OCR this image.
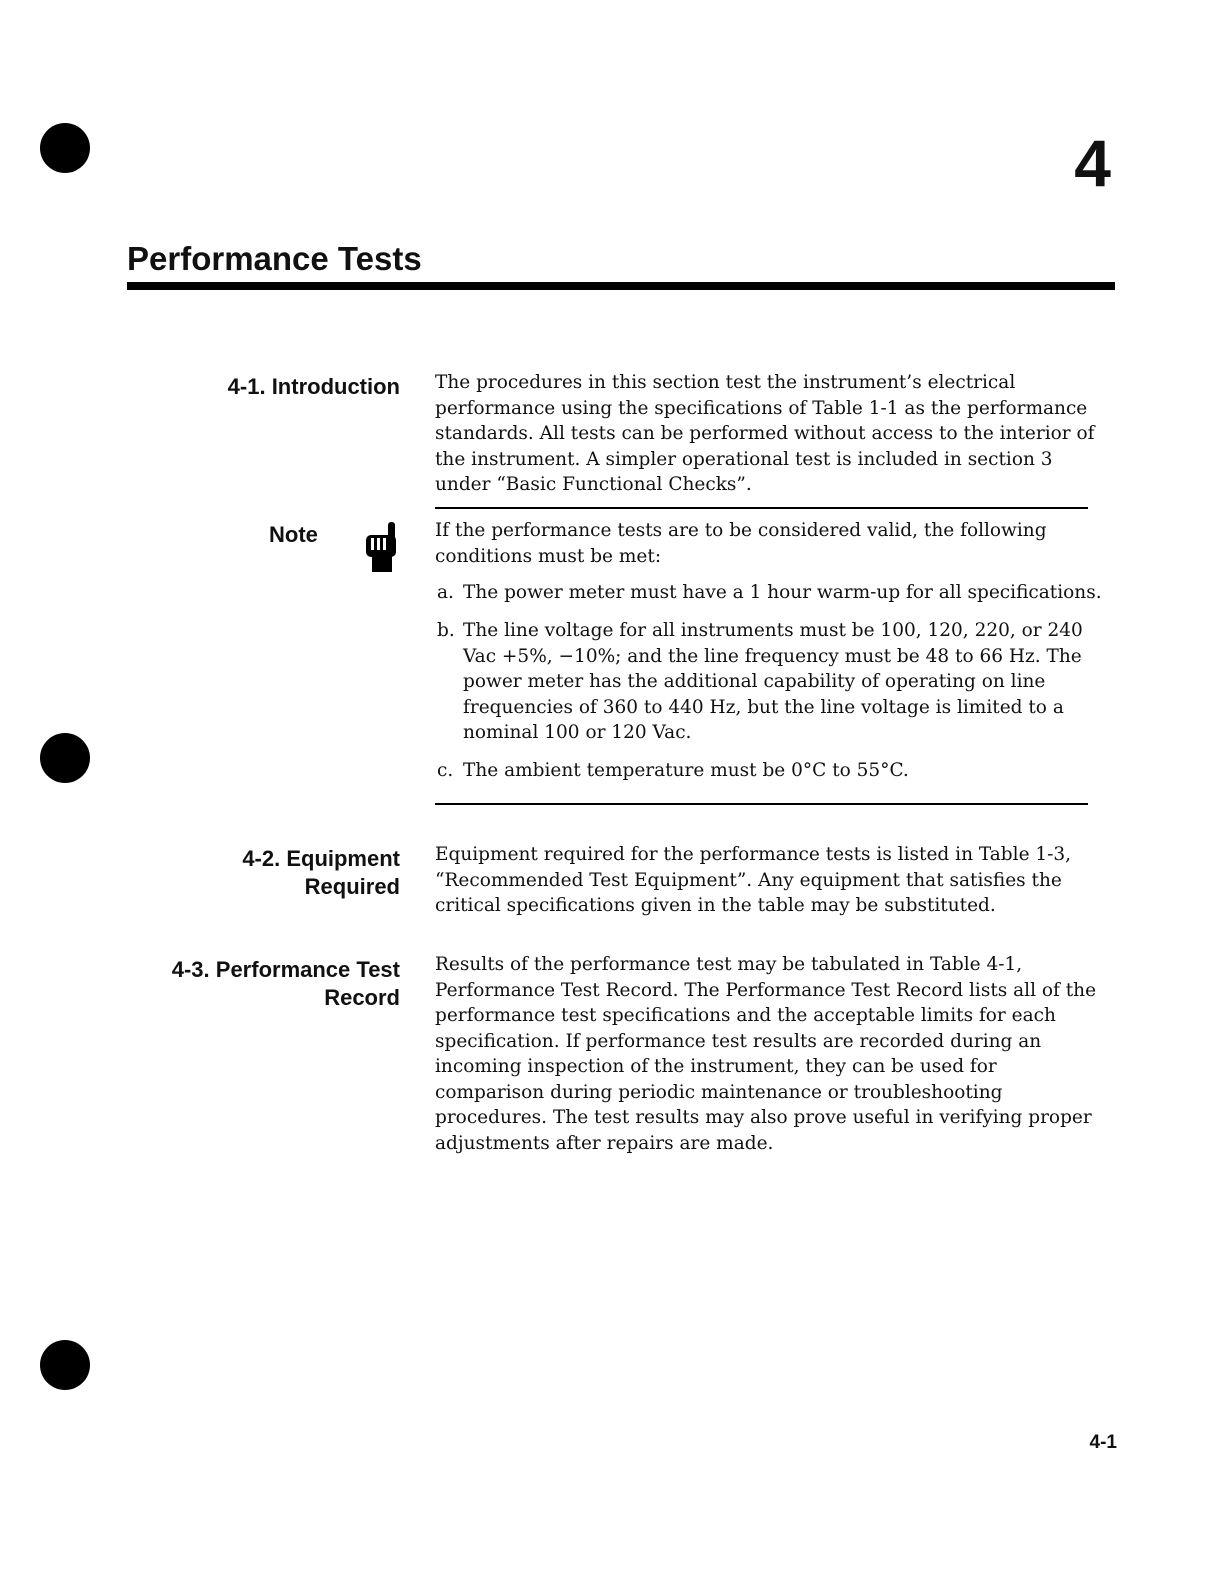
4
Performance Tests
4-1. Introduction The procedures in this section test the instrument’s electrical performance using the specifications of Table 1-1 as the performance standards. All tests can be performed without access to the interior of the instrument. A simpler operational test is included in section 3 under “Basic Functional Checks”.

Note	If the performance tests are to be considered valid, the following conditions must be met:

a. The power meter must have a 1 hour warm-up for all specifications.
b. The line voltage for all instruments must be 100, 120, 220, or 240 Vac +5%, −10%; and the line frequency must be 48 to 66 Hz. The power meter has the additional capability of operating on line frequencies of 360 to 440 Hz, but the line voltage is limited to a nominal 100 or 120 Vac.
c. The ambient temperature must be 0°C to 55°C.
4-2. Equipment
Required

Equipment required for the performance tests is listed in Table 1-3, “Recommended Test Equipment”. Any equipment that satisfies the critical specifications given in the table may be substituted.

4-3. Performance Test
Record

Results of the performance test may be tabulated in Table 4-1, Performance Test Record. The Performance Test Record lists all of the performance test specifications and the acceptable limits for each specification. If performance test results are recorded during an incoming inspection of the instrument, they can be used for comparison during periodic maintenance or troubleshooting procedures. The test results may also prove useful in verifying proper adjustments after repairs are made.

4-1
